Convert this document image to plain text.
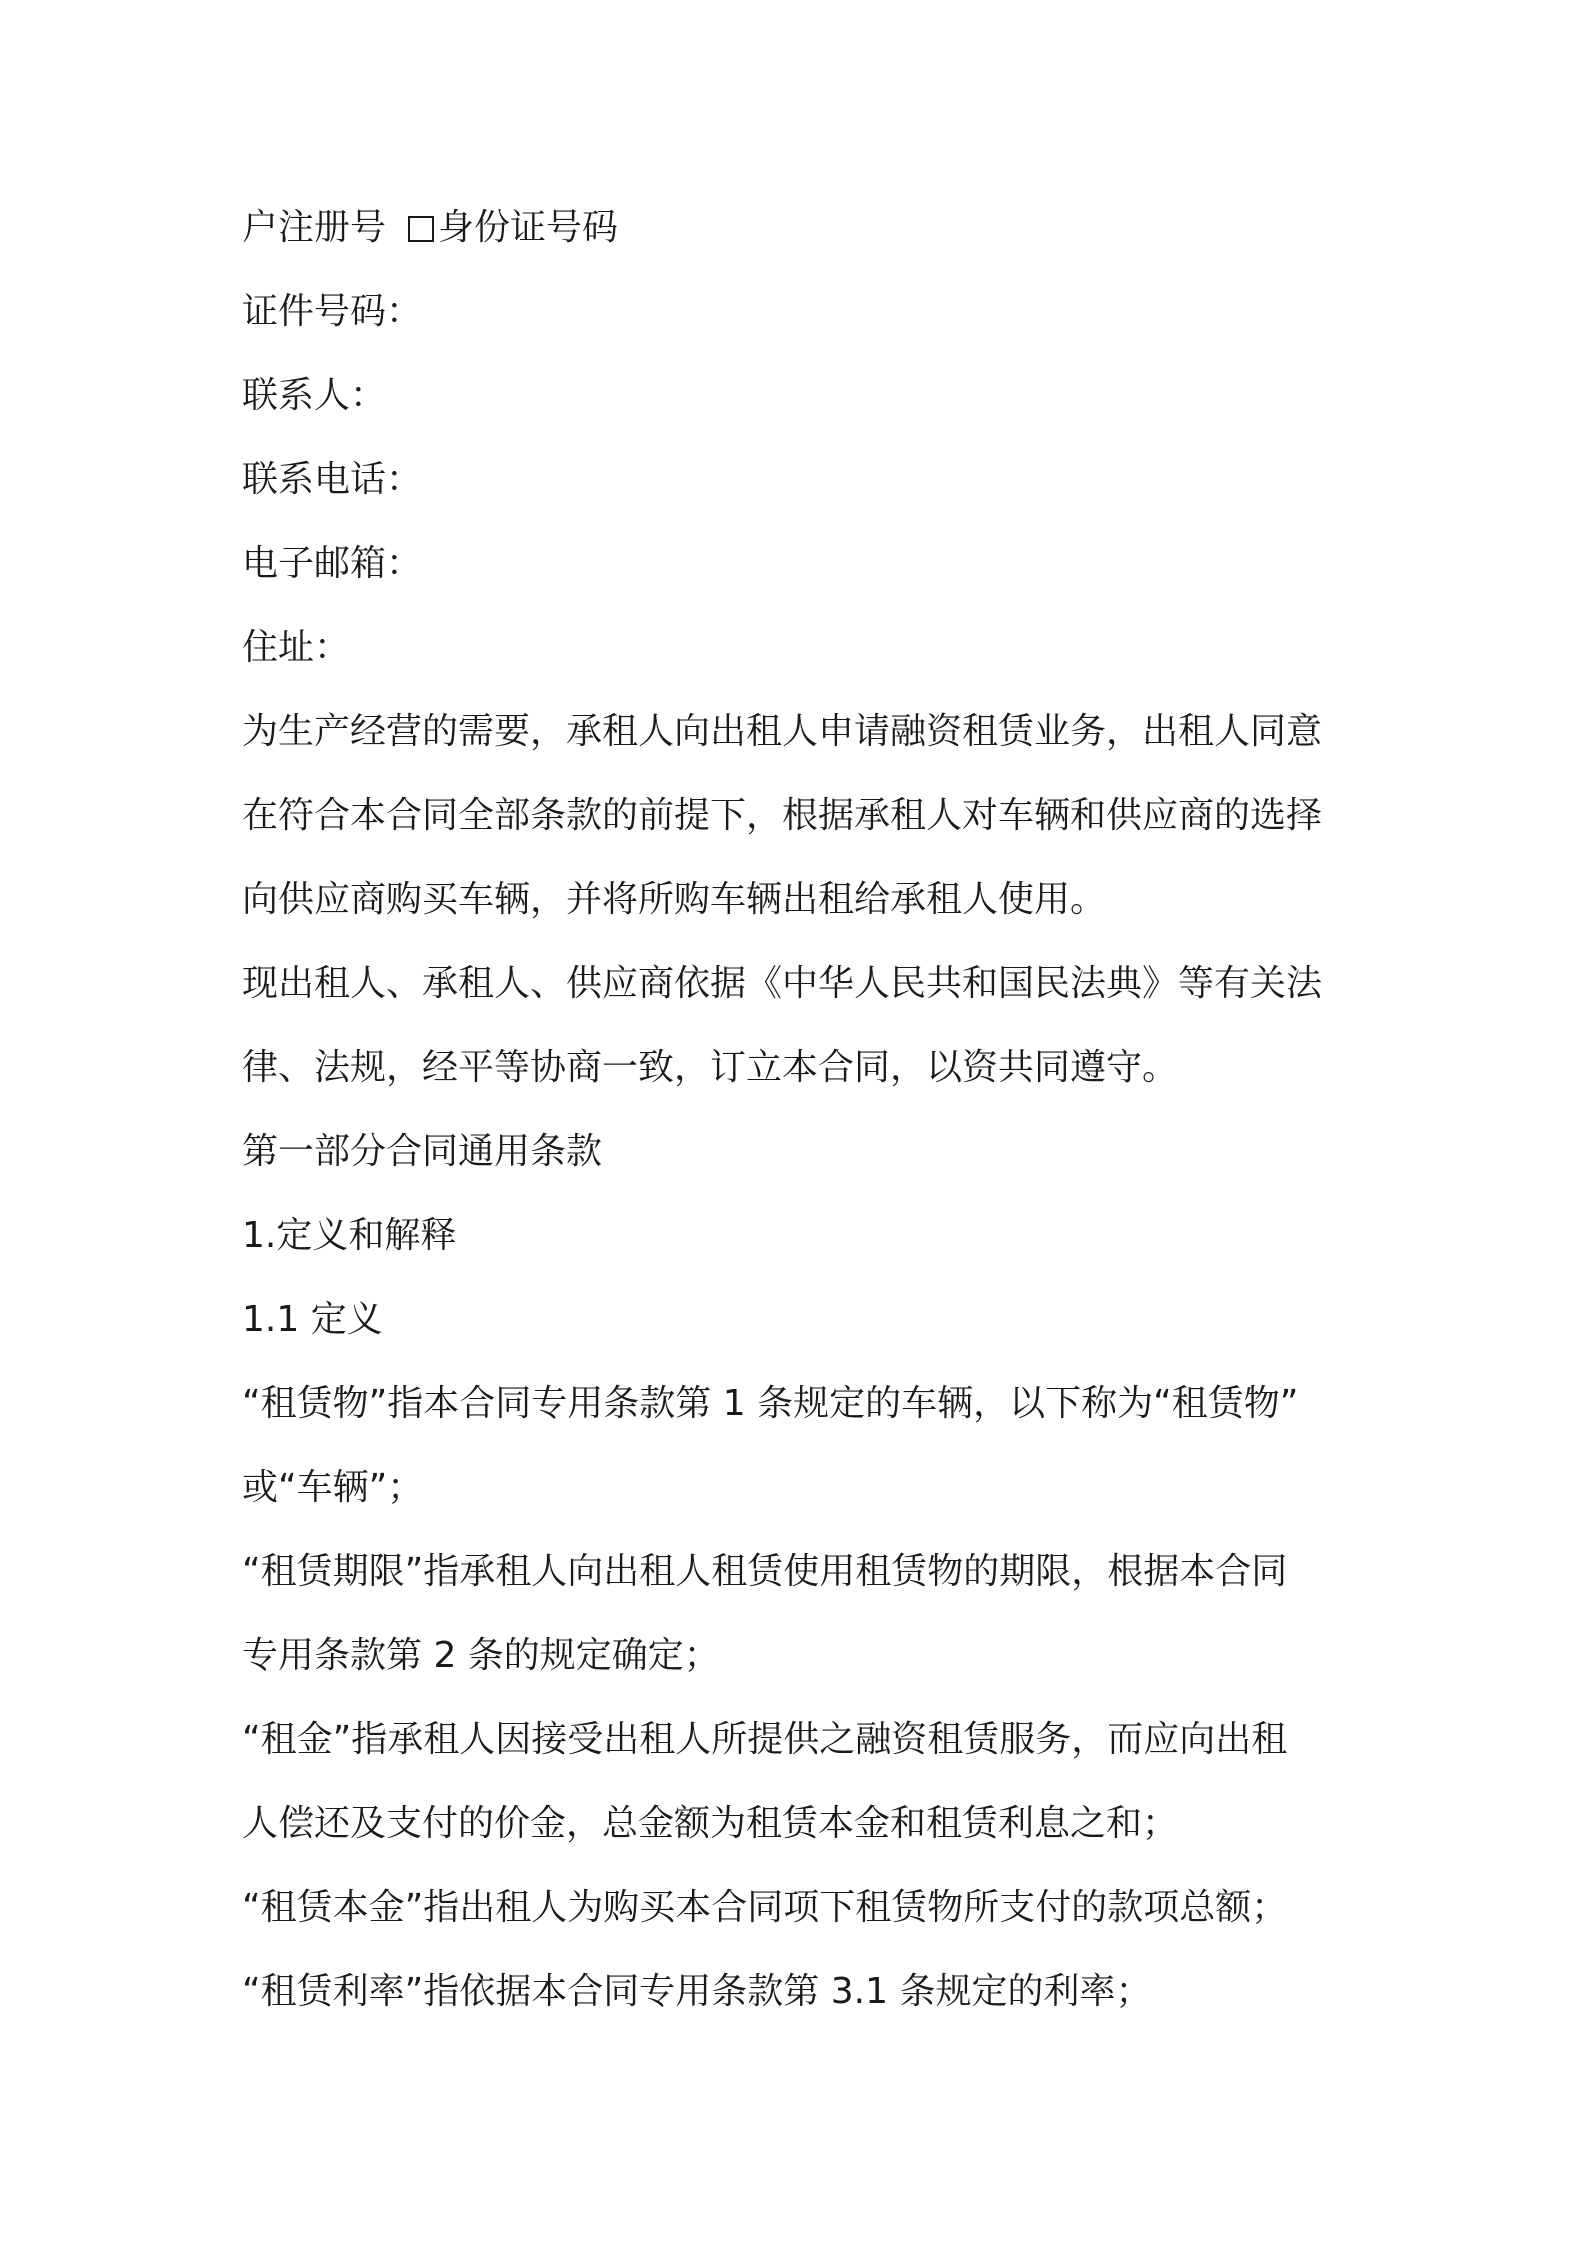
户注册号 身份证号码
证件号码：
联系人：
联系电话：
电子邮箱：
住址：
为生产经营的需要，承租人向出租人申请融资租赁业务，出租人同意
在符合本合同全部条款的前提下，根据承租人对车辆和供应商的选择
向供应商购买车辆，并将所购车辆出租给承租人使用。
现出租人、承租人、供应商依据《中华人民共和国民法典》等有关法
律、法规，经平等协商一致，订立本合同，以资共同遵守。
第一部分合同通用条款
1.定义和解释
1.1 定义
“租赁物”指本合同专用条款第 1 条规定的车辆，以下称为“租赁物”
或“车辆”；
“租赁期限”指承租人向出租人租赁使用租赁物的期限，根据本合同
专用条款第 2 条的规定确定；
“租金”指承租人因接受出租人所提供之融资租赁服务，而应向出租
人偿还及支付的价金，总金额为租赁本金和租赁利息之和；
“租赁本金”指出租人为购买本合同项下租赁物所支付的款项总额；
“租赁利率”指依据本合同专用条款第 3.1 条规定的利率；
